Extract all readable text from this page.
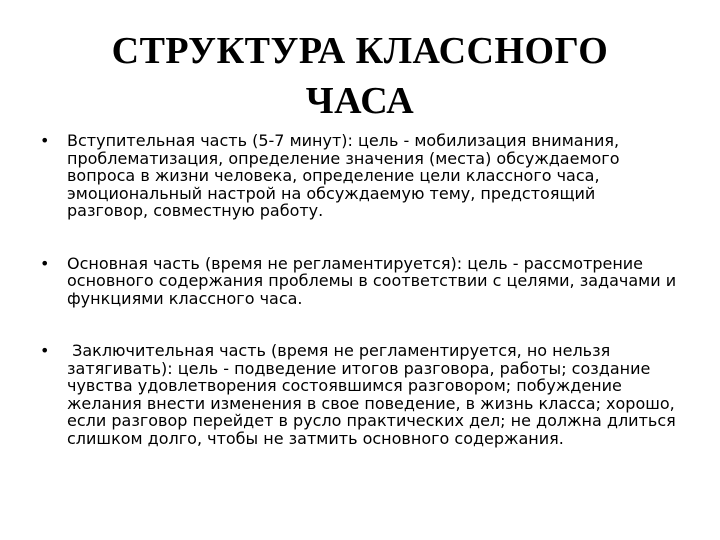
СТРУКТУРА КЛАССНОГО
ЧАСА
• Вступительная часть (5-7 минут): цель - мобилизация внимания, проблематизация, определение значения (места) обсуждаемого вопроса в жизни человека, определение цели классного часа, эмоциональный настрой на обсуждаемую тему, предстоящий разговор, совместную работу.
• Основная часть (время не регламентируется): цель - рассмотрение основного содержания проблемы в соответствии с целями, задачами и функциями классного часа.
• Заключительная часть (время не регламентируется, но нельзя затягивать): цель - подведение итогов разговора, работы; создание чувства удовлетворения состоявшимся разговором; побуждение желания внести изменения в свое поведение, в жизнь класса; хорошо, если разговор перейдет в русло практических дел; не должна длиться слишком долго, чтобы не затмить основного содержания.
